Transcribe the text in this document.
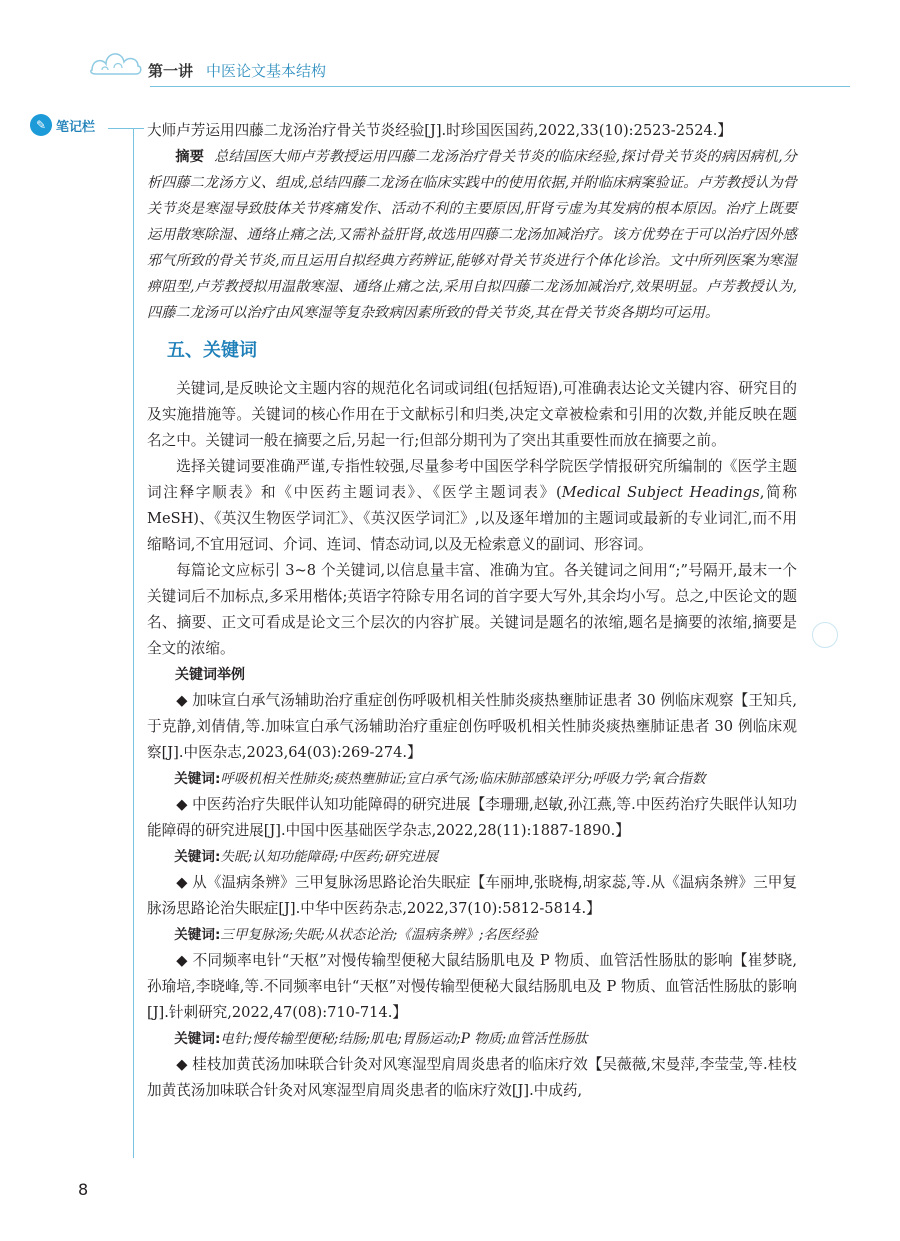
第一讲 中医论文基本结构
✎ 笔记栏	大师卢芳运用四藤二龙汤治疗骨关节炎经验[J].时珍国医国药,2022,33(10):2523-2524.】

摘要 总结国医大师卢芳教授运用四藤二龙汤治疗骨关节炎的临床经验,探讨骨关节炎的病因病机,分析四藤二龙汤方义、组成,总结四藤二龙汤在临床实践中的使用依据,并附临床病案验证。卢芳教授认为骨关节炎是寒湿导致肢体关节疼痛发作、活动不利的主要原因,肝肾亏虚为其发病的根本原因。治疗上既要运用散寒除湿、通络止痛之法,又需补益肝肾,故选用四藤二龙汤加减治疗。该方优势在于可以治疗因外感邪气所致的骨关节炎,而且运用自拟经典方药辨证,能够对骨关节炎进行个体化诊治。文中所列医案为寒湿痹阻型,卢芳教授拟用温散寒湿、通络止痛之法,采用自拟四藤二龙汤加减治疗,效果明显。卢芳教授认为,四藤二龙汤可以治疗由风寒湿等复杂致病因素所致的骨关节炎,其在骨关节炎各期均可运用。

五、关键词

关键词,是反映论文主题内容的规范化名词或词组(包括短语),可准确表达论文关键内容、研究目的及实施措施等。关键词的核心作用在于文献标引和归类,决定文章被检索和引用的次数,并能反映在题名之中。关键词一般在摘要之后,另起一行;但部分期刊为了突出其重要性而放在摘要之前。

选择关键词要准确严谨,专指性较强,尽量参考中国医学科学院医学情报研究所编制的《医学主题词注释字顺表》和《中医药主题词表》、《医学主题词表》(Medical Subject Headings,简称 MeSH)、《英汉生物医学词汇》、《英汉医学词汇》,以及逐年增加的主题词或最新的专业词汇,而不用缩略词,不宜用冠词、介词、连词、情态动词,以及无检索意义的副词、形容词。

每篇论文应标引 3~8 个关键词,以信息量丰富、准确为宜。各关键词之间用“;”号隔开,最末一个关键词后不加标点,多采用楷体;英语字符除专用名词的首字要大写外,其余均小写。总之,中医论文的题名、摘要、正文可看成是论文三个层次的内容扩展。关键词是题名的浓缩,题名是摘要的浓缩,摘要是全文的浓缩。

关键词举例

◆ 加味宣白承气汤辅助治疗重症创伤呼吸机相关性肺炎痰热壅肺证患者 30 例临床观察【王知兵,于克静,刘倩倩,等.加味宣白承气汤辅助治疗重症创伤呼吸机相关性肺炎痰热壅肺证患者 30 例临床观察[J].中医杂志,2023,64(03):269-274.】

关键词:呼吸机相关性肺炎;痰热壅肺证;宣白承气汤;临床肺部感染评分;呼吸力学;氧合指数

◆ 中医药治疗失眠伴认知功能障碍的研究进展【李珊珊,赵敏,孙江燕,等.中医药治疗失眠伴认知功能障碍的研究进展[J].中国中医基础医学杂志,2022,28(11):1887-1890.】

关键词:失眠;认知功能障碍;中医药;研究进展

◆ 从《温病条辨》三甲复脉汤思路论治失眠症【车丽坤,张晓梅,胡家蕊,等.从《温病条辨》三甲复脉汤思路论治失眠症[J].中华中医药杂志,2022,37(10):5812-5814.】

关键词:三甲复脉汤;失眠;从状态论治;《温病条辨》;名医经验

◆ 不同频率电针“天枢”对慢传输型便秘大鼠结肠肌电及 P 物质、血管活性肠肽的影响【崔梦晓,孙瑜培,李晓峰,等.不同频率电针“天枢”对慢传输型便秘大鼠结肠肌电及 P 物质、血管活性肠肽的影响[J].针刺研究,2022,47(08):710-714.】

关键词:电针;慢传输型便秘;结肠;肌电;胃肠运动;P 物质;血管活性肠肽

◆ 桂枝加黄芪汤加味联合针灸对风寒湿型肩周炎患者的临床疗效【吴薇薇,宋曼萍,李莹莹,等.桂枝加黄芪汤加味联合针灸对风寒湿型肩周炎患者的临床疗效[J].中成药,

8
